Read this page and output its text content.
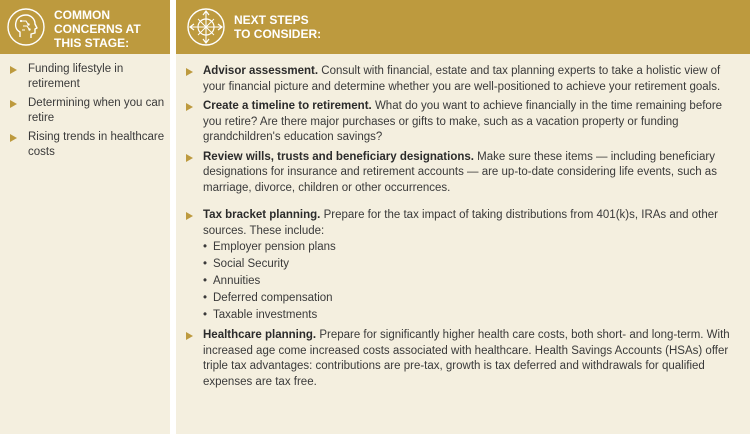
COMMON
CONCERNS AT
THIS STAGE:
Funding lifestyle in retirement
Determining when you can retire
Rising trends in healthcare costs
NEXT STEPS
TO CONSIDER:
Advisor assessment. Consult with financial, estate and tax planning experts to take a holistic view of your financial picture and determine whether you are well-positioned to achieve your retirement goals.
Create a timeline to retirement. What do you want to achieve financially in the time remaining before you retire? Are there major purchases or gifts to make, such as a vacation property or funding grandchildren's education savings?
Review wills, trusts and beneficiary designations. Make sure these items — including beneficiary designations for insurance and retirement accounts — are up-to-date considering life events, such as marriage, divorce, children or other occurrences.
Tax bracket planning. Prepare for the tax impact of taking distributions from 401(k)s, IRAs and other sources. These include:
• Employer pension plans
• Social Security
• Annuities
• Deferred compensation
• Taxable investments
Healthcare planning. Prepare for significantly higher health care costs, both short- and long-term. With increased age come increased costs associated with healthcare. Health Savings Accounts (HSAs) offer triple tax advantages: contributions are pre-tax, growth is tax deferred and withdrawals for qualified expenses are tax free.
